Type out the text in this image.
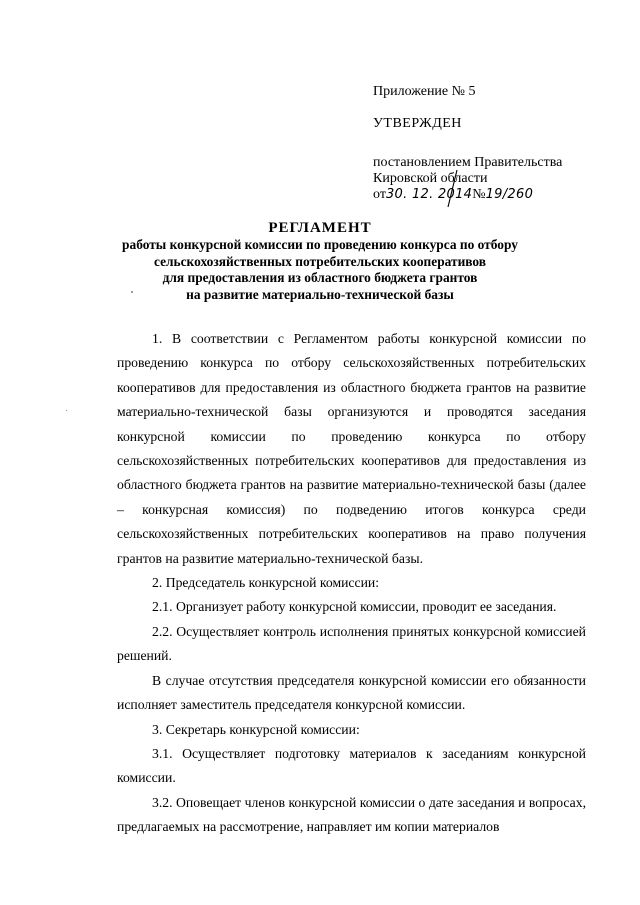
Приложение № 5
УТВЕРЖДЕН
постановлением Правительства
Кировской области
от30. 12. 2014№19/260
РЕГЛАМЕНТ
работы конкурсной комиссии по проведению конкурса по отбору
сельскохозяйственных потребительских кооперативов
для предоставления из областного бюджета грантов
на развитие материально-технической базы

1. В соответствии с Регламентом работы конкурсной комиссии по проведению конкурса по отбору сельскохозяйственных потребительских кооперативов для предоставления из областного бюджета грантов на развитие материально-технической базы организуются и проводятся заседания конкурсной комиссии по проведению конкурса по отбору сельскохозяйственных потребительских кооперативов для предоставления из областного бюджета грантов на развитие материально-технической базы (далее – конкурсная комиссия) по подведению итогов конкурса среди сельскохозяйственных потребительских кооперативов на право получения грантов на развитие материально-технической базы.

2. Председатель конкурсной комиссии:

2.1. Организует работу конкурсной комиссии, проводит ее заседания.

2.2. Осуществляет контроль исполнения принятых конкурсной комиссией решений.

В случае отсутствия председателя конкурсной комиссии его обязанности исполняет заместитель председателя конкурсной комиссии.

3. Секретарь конкурсной комиссии:

3.1. Осуществляет подготовку материалов к заседаниям конкурсной комиссии.

3.2. Оповещает членов конкурсной комиссии о дате заседания и вопросах, предлагаемых на рассмотрение, направляет им копии материалов
